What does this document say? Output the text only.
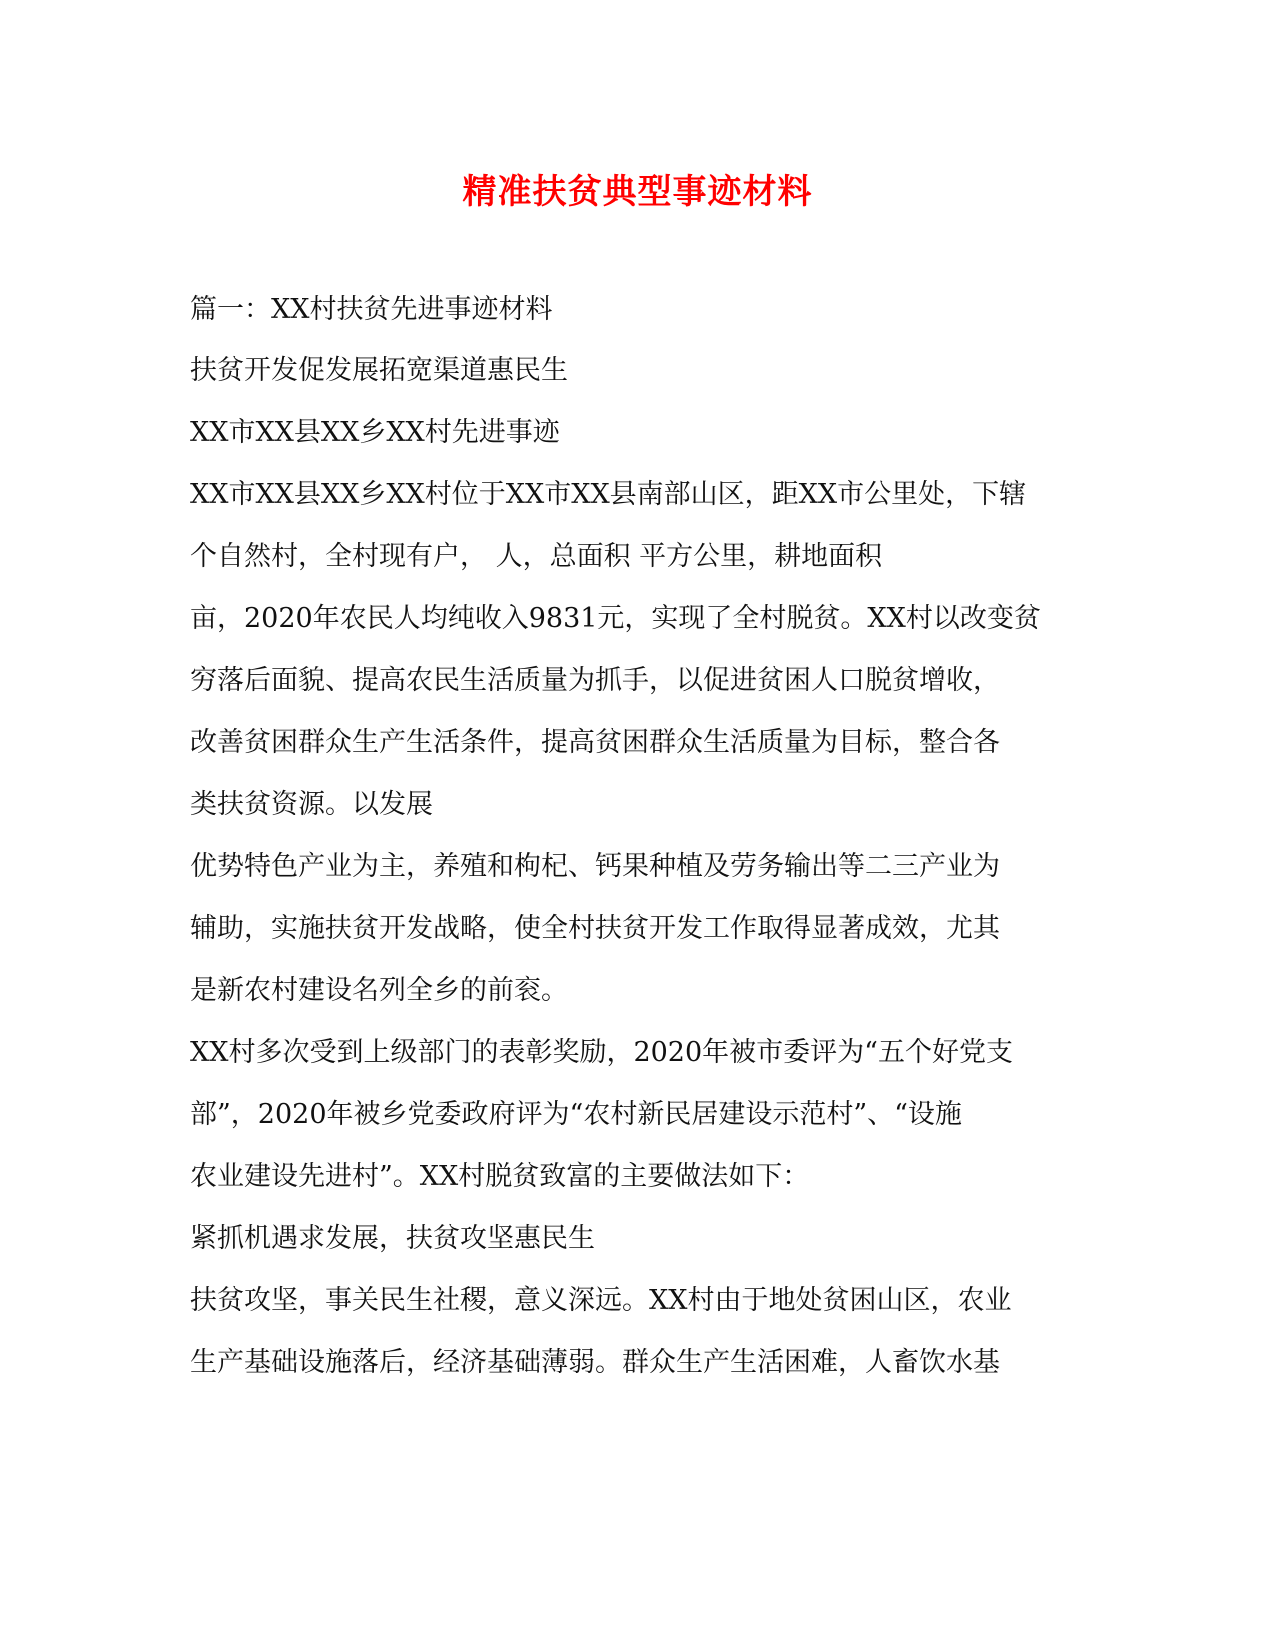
精准扶贫典型事迹材料

篇一：XX村扶贫先进事迹材料

扶贫开发促发展拓宽渠道惠民生

XX市XX县XX乡XX村先进事迹

XX市XX县XX乡XX村位于XX市XX县南部山区，距XX市公里处，下辖

个自然村，全村现有户， 人，总面积 平方公里，耕地面积

亩，2020年农民人均纯收入9831元，实现了全村脱贫。XX村以改变贫

穷落后面貌、提高农民生活质量为抓手，以促进贫困人口脱贫增收，

改善贫困群众生产生活条件，提高贫困群众生活质量为目标，整合各

类扶贫资源。以发展

优势特色产业为主，养殖和枸杞、钙果种植及劳务输出等二三产业为

辅助，实施扶贫开发战略，使全村扶贫开发工作取得显著成效，尤其

是新农村建设名列全乡的前衮。

XX村多次受到上级部门的表彰奖励，2020年被市委评为“五个好党支

部”，2020年被乡党委政府评为“农村新民居建设示范村”、“设施

农业建设先进村”。XX村脱贫致富的主要做法如下：

紧抓机遇求发展，扶贫攻坚惠民生

扶贫攻坚，事关民生社稷，意义深远。XX村由于地处贫困山区，农业

生产基础设施落后，经济基础薄弱。群众生产生活困难，人畜饮水基
